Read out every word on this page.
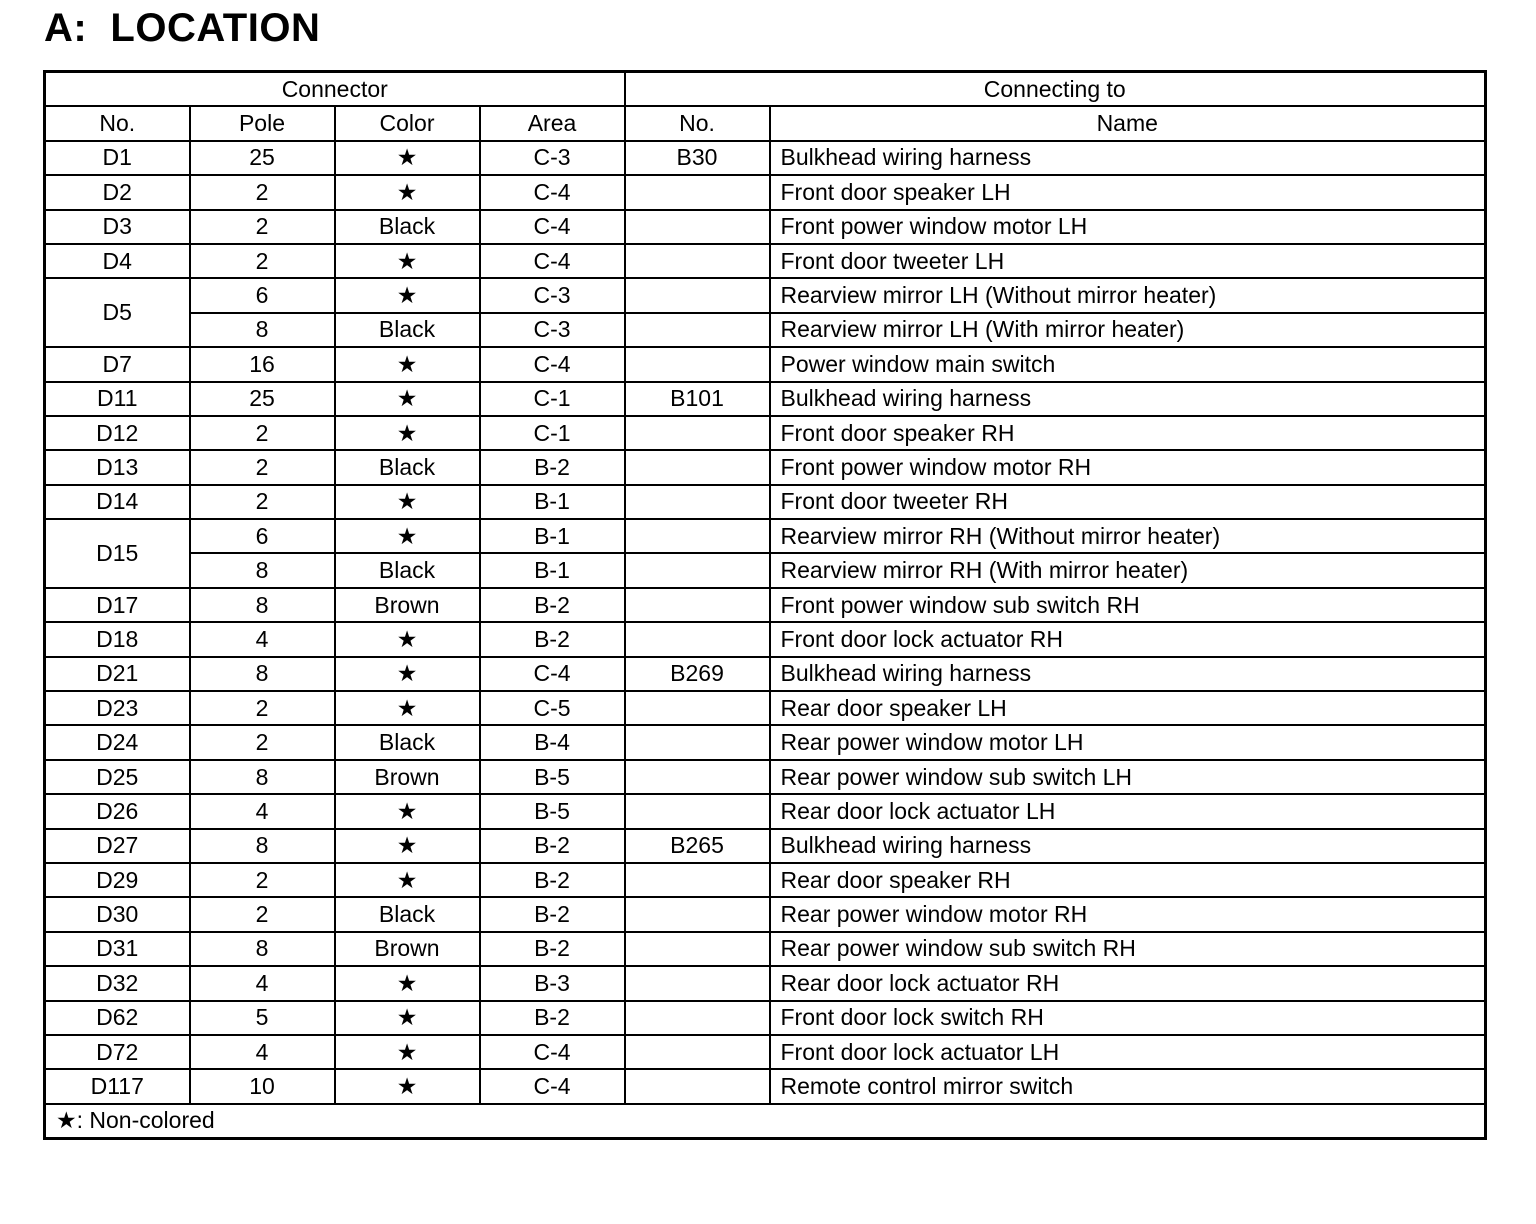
A:  LOCATION
Connector				Connecting to	
No.	Pole	Color	Area	No.	Name
D1	25	★	C-3	B30	Bulkhead wiring harness
D2	2	★	C-4		Front door speaker LH
D3	2	Black	C-4		Front power window motor LH
D4	2	★	C-4		Front door tweeter LH
D5	6	★	C-3		Rearview mirror LH (Without mirror heater)
	8	Black	C-3		Rearview mirror LH (With mirror heater)
D7	16	★	C-4		Power window main switch
D11	25	★	C-1	B101	Bulkhead wiring harness
D12	2	★	C-1		Front door speaker RH
D13	2	Black	B-2		Front power window motor RH
D14	2	★	B-1		Front door tweeter RH
D15	6	★	B-1		Rearview mirror RH (Without mirror heater)
	8	Black	B-1		Rearview mirror RH (With mirror heater)
D17	8	Brown	B-2		Front power window sub switch RH
D18	4	★	B-2		Front door lock actuator RH
D21	8	★	C-4	B269	Bulkhead wiring harness
D23	2	★	C-5		Rear door speaker LH
D24	2	Black	B-4		Rear power window motor LH
D25	8	Brown	B-5		Rear power window sub switch LH
D26	4	★	B-5		Rear door lock actuator LH
D27	8	★	B-2	B265	Bulkhead wiring harness
D29	2	★	B-2		Rear door speaker RH
D30	2	Black	B-2		Rear power window motor RH
D31	8	Brown	B-2		Rear power window sub switch RH
D32	4	★	B-3		Rear door lock actuator RH
D62	5	★	B-2		Front door lock switch RH
D72	4	★	C-4		Front door lock actuator LH
D117	10	★	C-4		Remote control mirror switch
★: Non-colored					
